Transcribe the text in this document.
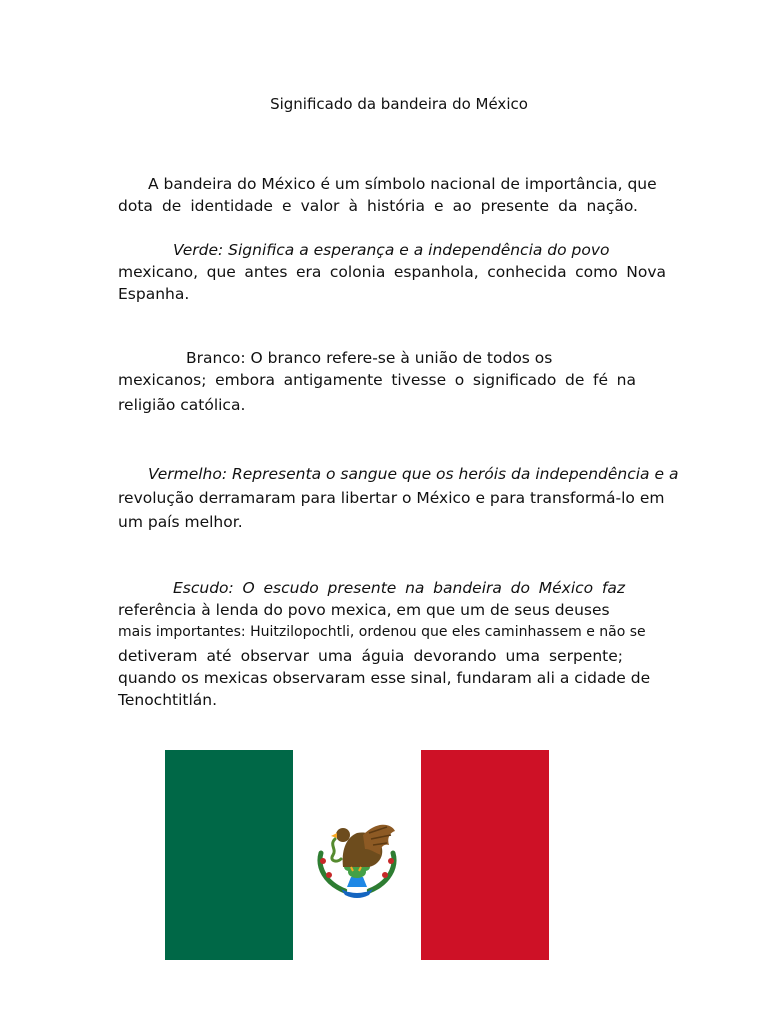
Significado da bandeira do México
A bandeira do México é um símbolo nacional de importância, que
dota de identidade e valor à história e ao presente da nação.
Verde: Significa a esperança e a independência do povo
mexicano, que antes era colonia espanhola, conhecida como Nova
Espanha.
Branco: O branco refere-se à união de todos os
mexicanos; embora antigamente tivesse o significado de fé na
religião católica.
Vermelho: Representa o sangue que os heróis da independência e a
revolução derramaram para libertar o México e para transformá-lo em
um país melhor.
Escudo: O escudo presente na bandeira do México faz
referência à lenda do povo mexica, em que um de seus deuses
mais importantes: Huitzilopochtli, ordenou que eles caminhassem e não se
detiveram até observar uma águia devorando uma serpente;
quando os mexicas observaram esse sinal, fundaram ali a cidade de
Tenochtitlán.
